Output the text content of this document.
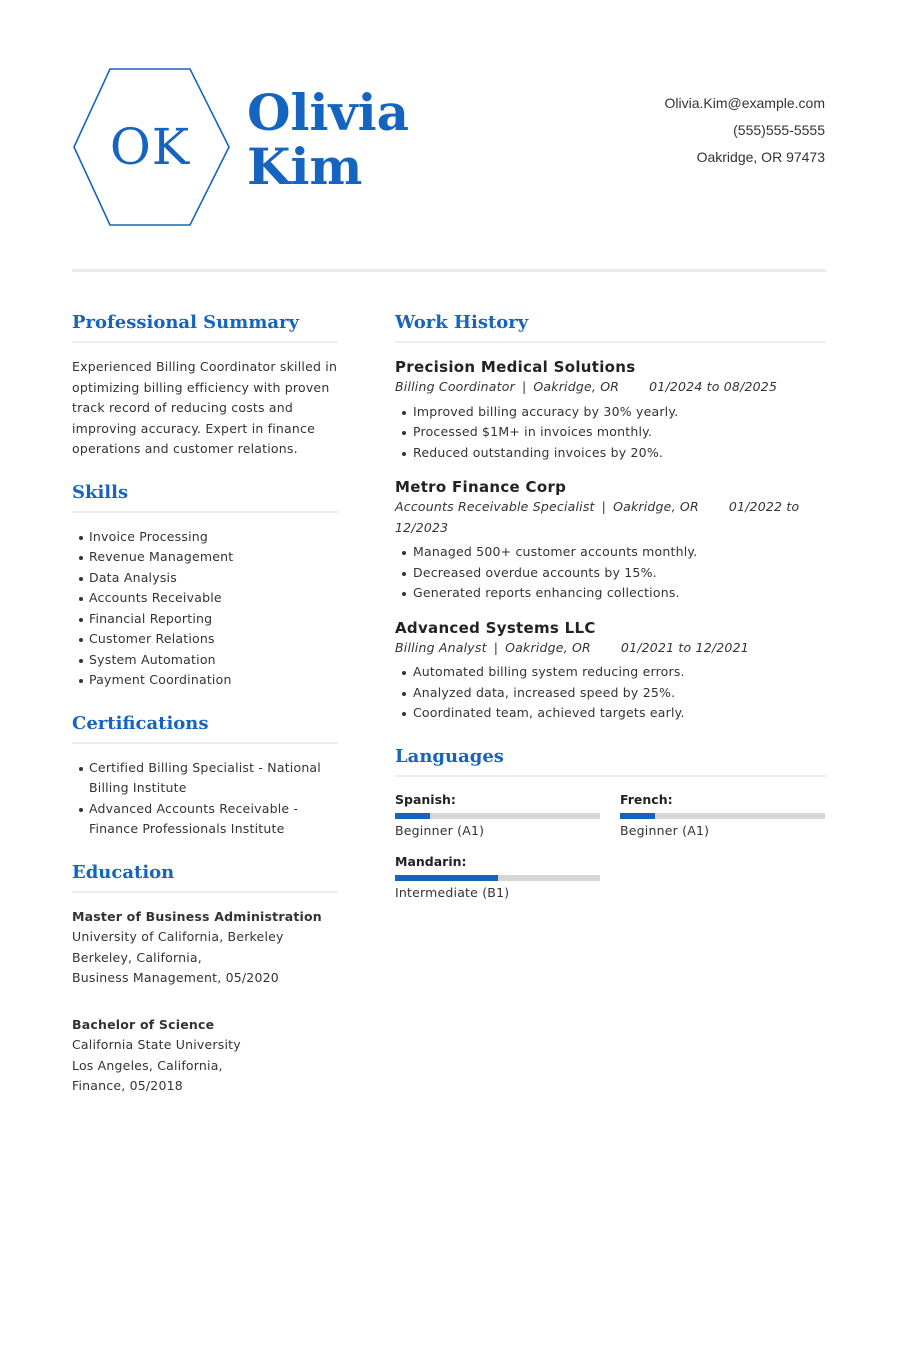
OK
Olivia
Kim
Olivia.Kim@example.com
(555)555-5555
Oakridge, OR 97473
Professional Summary
Experienced Billing Coordinator skilled in optimizing billing efficiency with proven track record of reducing costs and improving accuracy. Expert in finance operations and customer relations.
Skills
Invoice Processing
Revenue Management
Data Analysis
Accounts Receivable
Financial Reporting
Customer Relations
System Automation
Payment Coordination
Certifications
Certified Billing Specialist - National Billing Institute
Advanced Accounts Receivable - Finance Professionals Institute
Education
Master of Business Administration
University of California, Berkeley
Berkeley, California,
Business Management, 05/2020
Bachelor of Science
California State University
Los Angeles, California,
Finance, 05/2018
Work History
Precision Medical Solutions
Billing Coordinator | Oakridge, OR 01/2024 to 08/2025
Improved billing accuracy by 30% yearly.
Processed $1M+ in invoices monthly.
Reduced outstanding invoices by 20%.
Metro Finance Corp
Accounts Receivable Specialist | Oakridge, OR 01/2022 to 12/2023
Managed 500+ customer accounts monthly.
Decreased overdue accounts by 15%.
Generated reports enhancing collections.
Advanced Systems LLC
Billing Analyst | Oakridge, OR 01/2021 to 12/2021
Automated billing system reducing errors.
Analyzed data, increased speed by 25%.
Coordinated team, achieved targets early.
Languages
Spanish:
Beginner (A1)
French:
Beginner (A1)
Mandarin:
Intermediate (B1)
